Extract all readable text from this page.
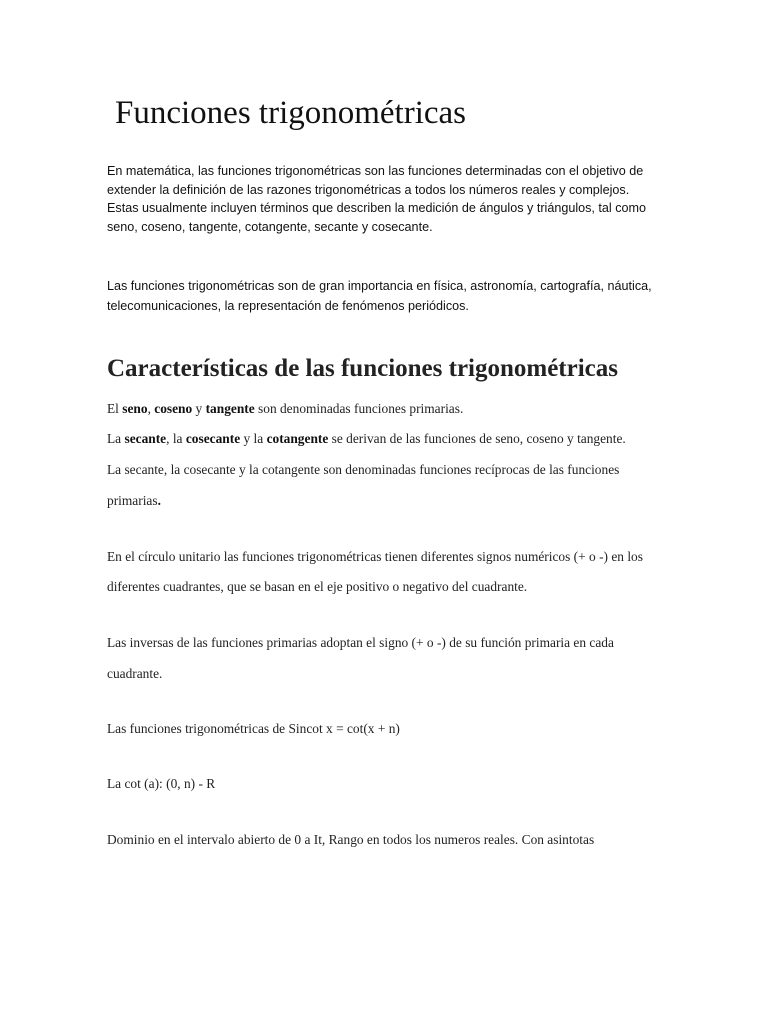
Funciones trigonométricas

En matemática, las funciones trigonométricas son las funciones determinadas con el objetivo de
extender la definición de las razones trigonométricas a todos los números reales y complejos.
Estas usualmente incluyen términos que describen la medición de ángulos y triángulos, tal como
seno, coseno, tangente, cotangente, secante y cosecante.

Las funciones trigonométricas son de gran importancia en física, astronomía, cartografía, náutica,
telecomunicaciones, la representación de fenómenos periódicos.

Características de las funciones trigonométricas

El seno, coseno y tangente son denominadas funciones primarias.

La secante, la cosecante y la cotangente se derivan de las funciones de seno, coseno y tangente.

La secante, la cosecante y la cotangente son denominadas funciones recíprocas de las funciones

primarias.

En el círculo unitario las funciones trigonométricas tienen diferentes signos numéricos (+ o -) en los

diferentes cuadrantes, que se basan en el eje positivo o negativo del cuadrante.

Las inversas de las funciones primarias adoptan el signo (+ o -) de su función primaria en cada

cuadrante.

Las funciones trigonométricas de Sincot x = cot(x + n)

La cot (a): (0, n) - R

Dominio en el intervalo abierto de 0 a It, Rango en todos los numeros reales. Con asintotas
